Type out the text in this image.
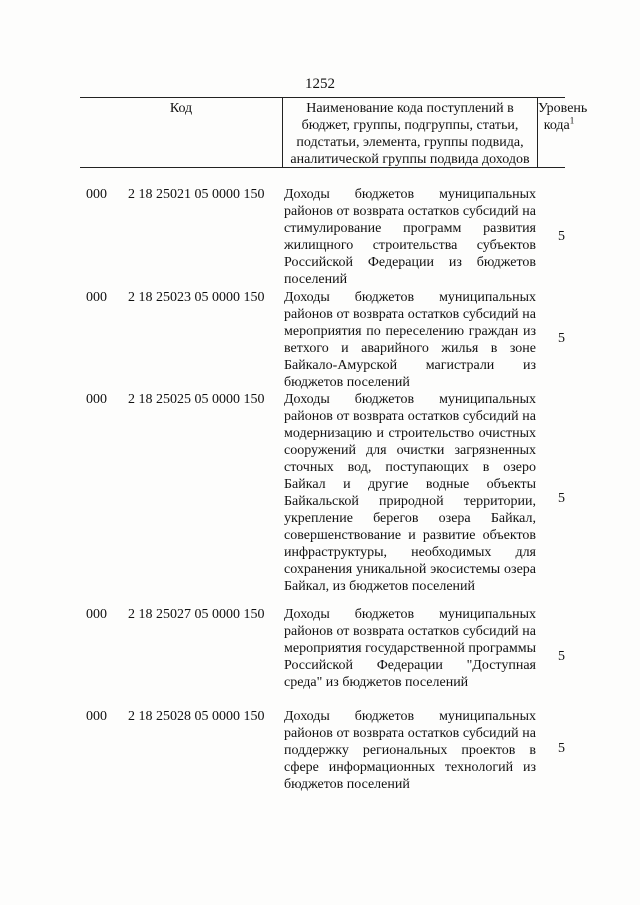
1252
Код	Наименование кода поступлений в
бюджет, группы, подгруппы, статьи,
подстатьи, элемента, группы подвида,
аналитической группы подвида доходов
Уровень
кода$^1$
000 2 18 25021 05 0000 150 Доходы бюджетов муниципальных районов от возврата остатков субсидий на стимулирование программ развития жилищного строительства субъектов Российской Федерации из бюджетов поселений
5
000 2 18 25023 05 0000 150 Доходы бюджетов муниципальных районов от возврата остатков субсидий на мероприятия по переселению граждан из ветхого и аварийного жилья в зоне Байкало-Амурской магистрали из бюджетов поселений
5
000 2 18 25025 05 0000 150 Доходы бюджетов муниципальных районов от возврата остатков субсидий на модернизацию и строительство очистных сооружений для очистки загрязненных сточных вод, поступающих в озеро Байкал и другие водные объекты Байкальской природной территории, укрепление берегов озера Байкал, совершенствование и развитие объектов инфраструктуры, необходимых для сохранения уникальной экосистемы озера Байкал, из бюджетов поселений
5
000 2 18 25027 05 0000 150 Доходы бюджетов муниципальных районов от возврата остатков субсидий на мероприятия государственной программы Российской Федерации "Доступная среда" из бюджетов поселений
5
000 2 18 25028 05 0000 150 Доходы бюджетов муниципальных районов от возврата остатков субсидий на поддержку региональных проектов в сфере информационных технологий из бюджетов поселений
5
